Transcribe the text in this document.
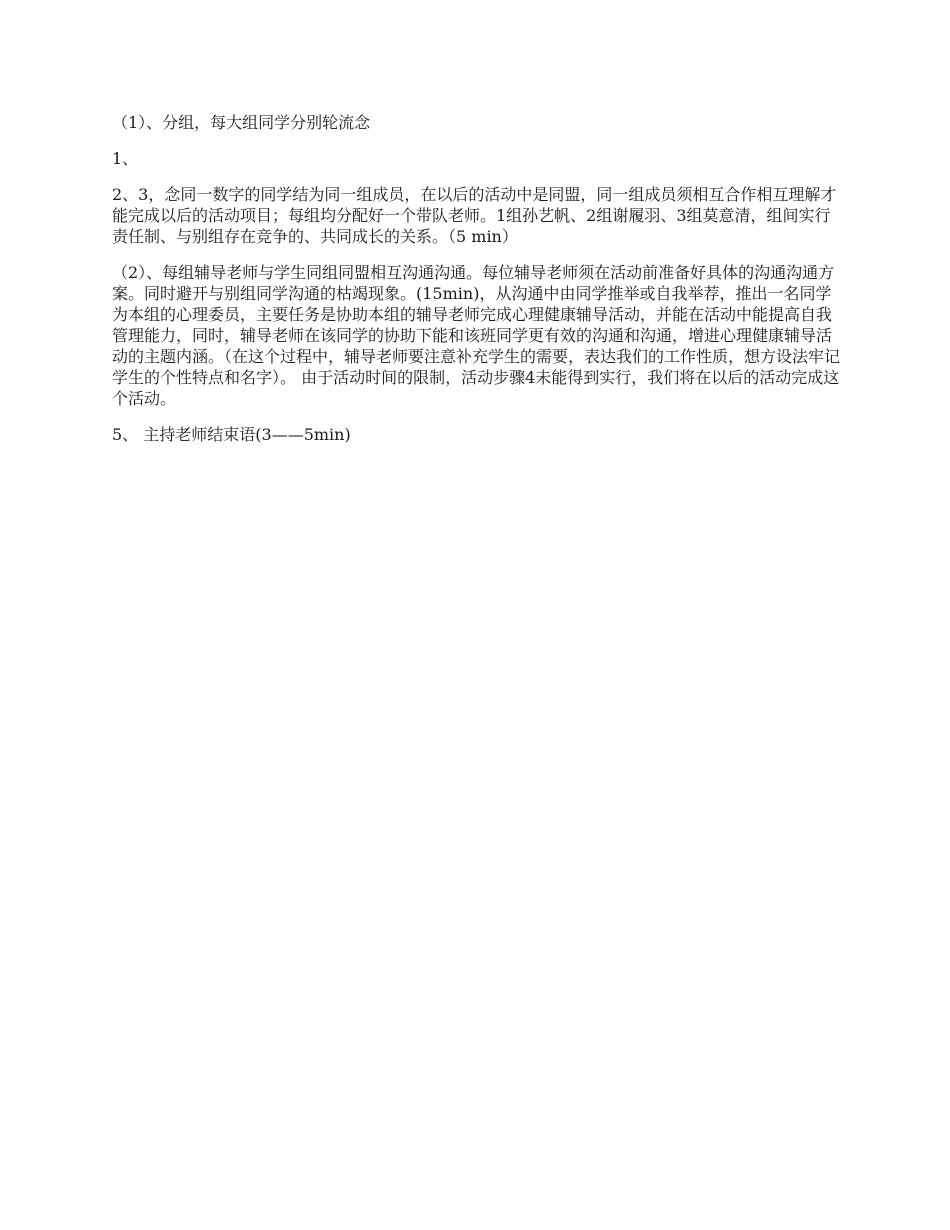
（1）、分组，每大组同学分别轮流念

1、

2、3，念同一数字的同学结为同一组成员，在以后的活动中是同盟，同一组成员须相互合作相互理解才能完成以后的活动项目；每组均分配好一个带队老师。1组孙艺帆、2组谢履羽、3组莫意清，组间实行责任制、与别组存在竞争的、共同成长的关系。（5 min）

（2）、每组辅导老师与学生同组同盟相互沟通沟通。每位辅导老师须在活动前准备好具体的沟通沟通方案。同时避开与别组同学沟通的枯竭现象。(15min)，从沟通中由同学推举或自我举荐，推出一名同学为本组的心理委员，主要任务是协助本组的辅导老师完成心理健康辅导活动，并能在活动中能提高自我管理能力，同时，辅导老师在该同学的协助下能和该班同学更有效的沟通和沟通，增进心理健康辅导活动的主题内涵。（在这个过程中，辅导老师要注意补充学生的需要，表达我们的工作性质，想方设法牢记学生的个性特点和名字）。 由于活动时间的限制，活动步骤4未能得到实行，我们将在以后的活动完成这个活动。

5、 主持老师结束语(3——5min)
